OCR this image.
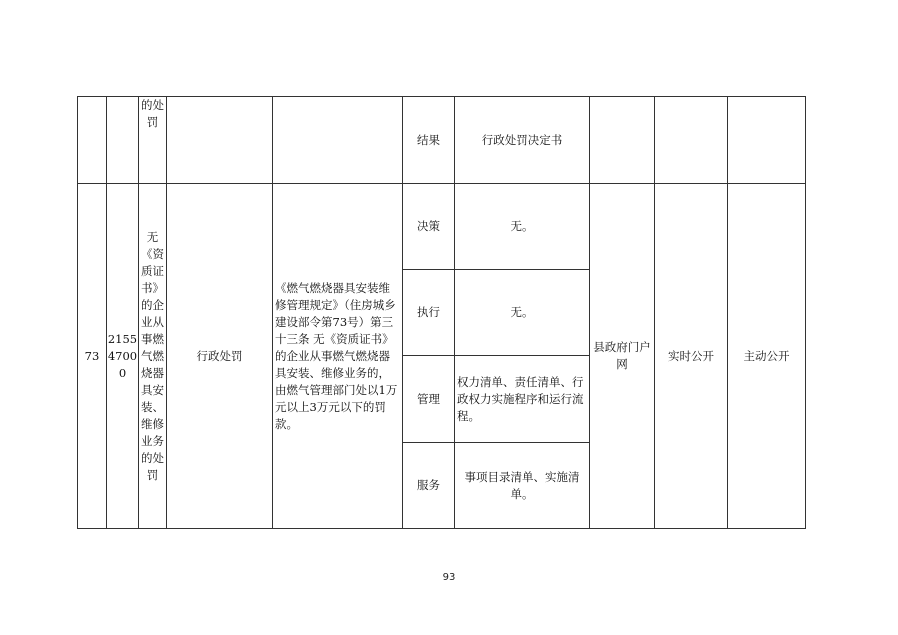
		的处罚			结果	行政处罚决定书			
73	215547000	无《资质证书》的企业从事燃气燃烧器具安装、维修业务的处罚	行政处罚	《燃气燃烧器具安装维修管理规定》（住房城乡建设部令第73号）第三十三条 无《资质证书》的企业从事燃气燃烧器具安装、维修业务的，由燃气管理部门处以1万元以上3万元以下的罚款。	决策	无。	县政府门户网	实时公开	主动公开
					执行	无。			
					管理	权力清单、责任清单、行政权力实施程序和运行流程。			

					服务	事项目录清单、实施清单。			
93
